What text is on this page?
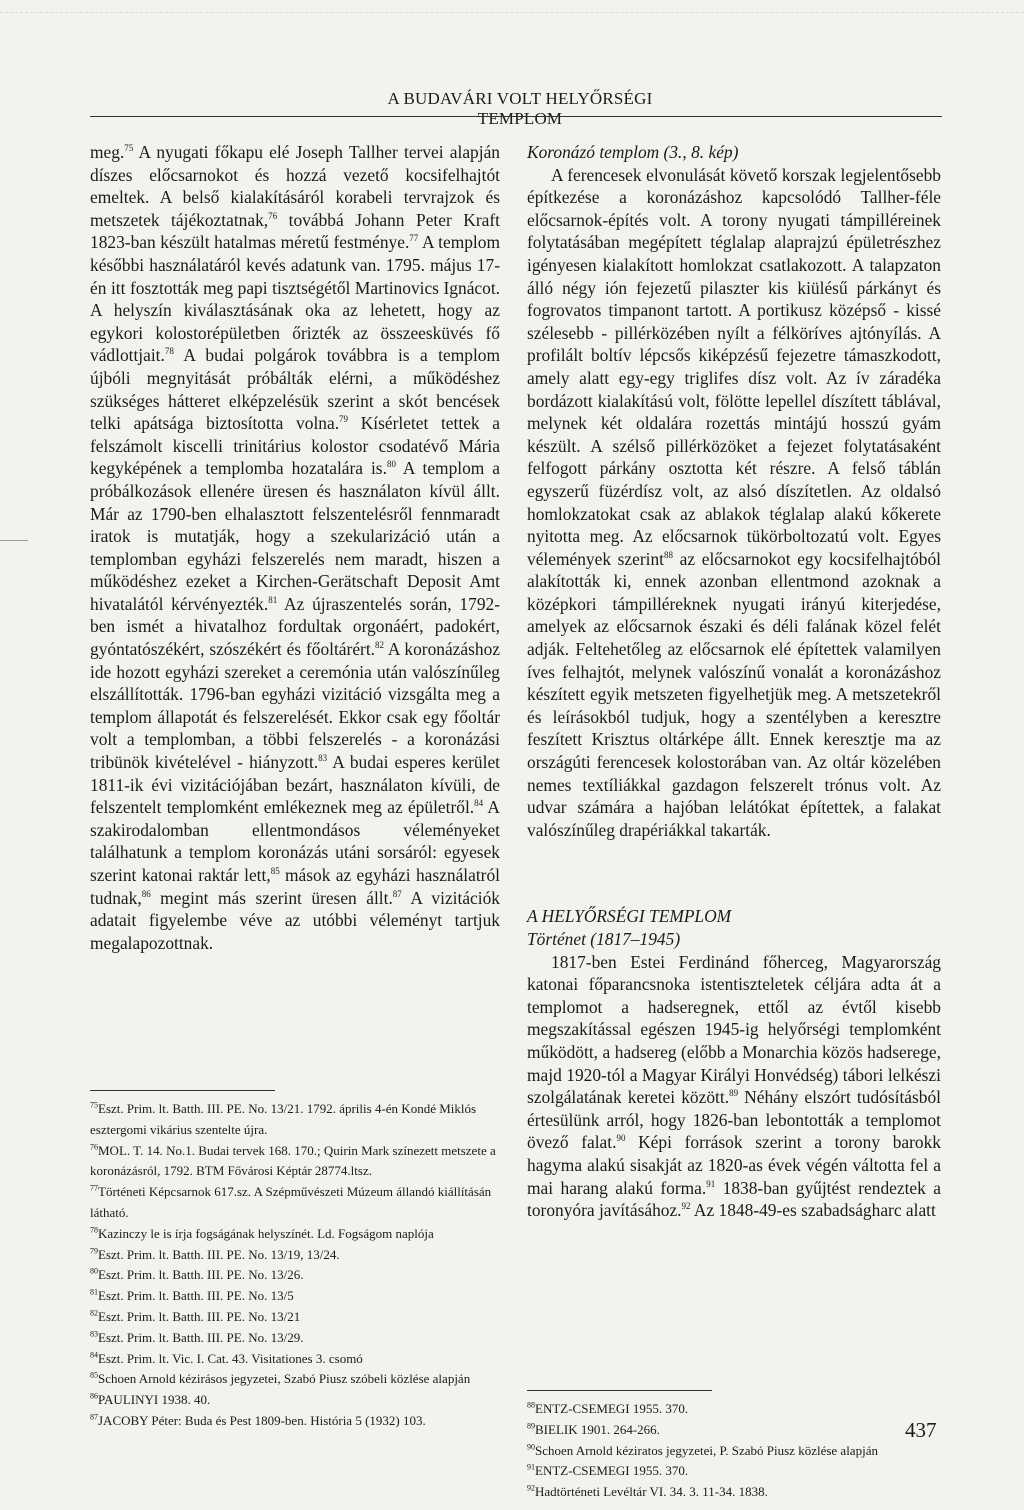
A BUDAVÁRI VOLT HELYŐRSÉGI TEMPLOM

meg.$^{75}$ A nyugati főkapu elé Joseph Tallher tervei alapján díszes előcsarnokot és hozzá vezető kocsifelhajtót emeltek. A belső kialakításáról korabeli tervrajzok és metszetek tájékoztatnak,$^{76}$ továbbá Johann Peter Kraft 1823-ban készült hatalmas méretű festménye.$^{77}$ A templom későbbi használatáról kevés adatunk van. 1795. május 17-én itt fosztották meg papi tisztségétől Martinovics Ignácot. A helyszín kiválasztásának oka az lehetett, hogy az egykori kolostorépületben őrizték az összeesküvés fő vádlottjait.$^{78}$ A budai polgárok továbbra is a templom újbóli megnyitását próbálták elérni, a működéshez szükséges hátteret elképzelésük szerint a skót bencések telki apátsága biztosította volna.$^{79}$ Kísérletet tettek a felszámolt kiscelli trinitárius kolostor csodatévő Mária kegyképének a templomba hozatalára is.$^{80}$ A templom a próbálkozások ellenére üresen és használaton kívül állt. Már az 1790-ben elhalasztott felszentelésről fennmaradt iratok is mutatják, hogy a szekularizáció után a templomban egyházi felszerelés nem maradt, hiszen a működéshez ezeket a Kirchen-Gerätschaft Deposit Amt hivatalától kérvényezték.$^{81}$ Az újraszentelés során, 1792-ben ismét a hivatalhoz fordultak orgonáért, padokért, gyóntatószékért, szószékért és főoltárért.$^{82}$ A koronázáshoz ide hozott egyházi szereket a ceremónia után valószínűleg elszállították. 1796-ban egyházi vizitáció vizsgálta meg a templom állapotát és felszerelését. Ekkor csak egy főoltár volt a templomban, a többi felszerelés - a koronázási tribünök kivételével - hiányzott.$^{83}$ A budai esperes kerület 1811-ik évi vizitációjában bezárt, használaton kívüli, de felszentelt templomként emlékeznek meg az épületről.$^{84}$ A szakirodalomban ellentmondásos véleményeket találhatunk a templom koronázás utáni sorsáról: egyesek szerint katonai raktár lett,$^{85}$ mások az egyházi használatról tudnak,$^{86}$ megint más szerint üresen állt.$^{87}$ A vizitációk adatait figyelembe véve az utóbbi véleményt tartjuk megalapozottnak.

Koronázó templom (3., 8. kép)

A ferencesek elvonulását követő korszak legjelentősebb építkezése a koronázáshoz kapcsolódó Tallher-féle előcsarnok-építés volt. A torony nyugati támpilléreinek folytatásában megépített téglalap alaprajzú épületrészhez igényesen kialakított homlokzat csatlakozott. A talapzaton álló négy ión fejezetű pilaszter kis kiülésű párkányt és fogrovatos timpanont tartott. A portikusz középső - kissé szélesebb - pillérközében nyílt a félköríves ajtónyílás. A profilált boltív lépcsős kiképzésű fejezetre támaszkodott, amely alatt egy-egy triglifes dísz volt. Az ív záradéka bordázott kialakítású volt, fölötte lepellel díszített táblával, melynek két oldalára rozettás mintájú hosszú gyám készült. A szélső pillérközöket a fejezet folytatásaként felfogott párkány osztotta két részre. A felső táblán egyszerű füzérdísz volt, az alsó díszítetlen. Az oldalsó homlokzatokat csak az ablakok téglalap alakú kőkerete nyitotta meg. Az előcsarnok tükörboltozatú volt. Egyes vélemények szerint$^{88}$ az előcsarnokot egy kocsifelhajtóból alakították ki, ennek azonban ellentmond azoknak a középkori támpilléreknek nyugati irányú kiterjedése, amelyek az előcsarnok északi és déli falának közel felét adják. Feltehetőleg az előcsarnok elé építettek valamilyen íves felhajtót, melynek valószínű vonalát a koronázáshoz készített egyik metszeten figyelhetjük meg. A metszetekről és leírásokból tudjuk, hogy a szentélyben a keresztre feszített Krisztus oltárképe állt. Ennek keresztje ma az országúti ferencesek kolostorában van. Az oltár közelében nemes textíliákkal gazdagon felszerelt trónus volt. Az udvar számára a hajóban lelátókat építettek, a falakat valószínűleg drapériákkal takarták.

A HELYŐRSÉGI TEMPLOM
Történet (1817–1945)

1817-ben Estei Ferdinánd főherceg, Magyarország katonai főparancsnoka istentiszteletek céljára adta át a templomot a hadseregnek, ettől az évtől kisebb megszakítással egészen 1945-ig helyőrségi templomként működött, a hadsereg (előbb a Monarchia közös hadserege, majd 1920-tól a Magyar Királyi Honvédség) tábori lelkészi szolgálatának keretei között.$^{89}$ Néhány elszórt tudósításból értesülünk arról, hogy 1826-ban lebontották a templomot övező falat.$^{90}$ Képi források szerint a torony barokk hagyma alakú sisakját az 1820-as évek végén váltotta fel a mai harang alakú forma.$^{91}$ 1838-ban gyűjtést rendeztek a toronyóra javításához.$^{92}$ Az 1848-49-es szabadságharc alatt

$^{75}$Eszt. Prim. lt. Batth. III. PE. No. 13/21. 1792. április 4-én Kondé Miklós esztergomi vikárius szentelte újra.

$^{76}$MOL. T. 14. No.1. Budai tervek 168. 170.; Quirin Mark színezett metszete a koronázásról, 1792. BTM Fővárosi Képtár 28774.ltsz.

$^{77}$Történeti Képcsarnok 617.sz. A Szépművészeti Múzeum állandó kiállításán látható.

$^{78}$Kazinczy le is írja fogságának helyszínét. Ld. Fogságom naplója

$^{79}$Eszt. Prim. lt. Batth. III. PE. No. 13/19, 13/24.

$^{80}$Eszt. Prim. lt. Batth. III. PE. No. 13/26.

$^{81}$Eszt. Prim. lt. Batth. III. PE. No. 13/5

$^{82}$Eszt. Prim. lt. Batth. III. PE. No. 13/21

$^{83}$Eszt. Prim. lt. Batth. III. PE. No. 13/29.

$^{84}$Eszt. Prim. lt. Vic. I. Cat. 43. Visitationes 3. csomó

$^{85}$Schoen Arnold kézirásos jegyzetei, Szabó Piusz szóbeli közlése alapján

$^{86}$PAULINYI 1938. 40.

$^{87}$JACOBY Péter: Buda és Pest 1809-ben. História 5 (1932) 103.

$^{88}$ENTZ-CSEMEGI 1955. 370.

$^{89}$BIELIK 1901. 264-266.

$^{90}$Schoen Arnold kéziratos jegyzetei, P. Szabó Piusz közlése alapján

$^{91}$ENTZ-CSEMEGI 1955. 370.

$^{92}$Hadtörténeti Levéltár VI. 34. 3. 11-34. 1838.

437
